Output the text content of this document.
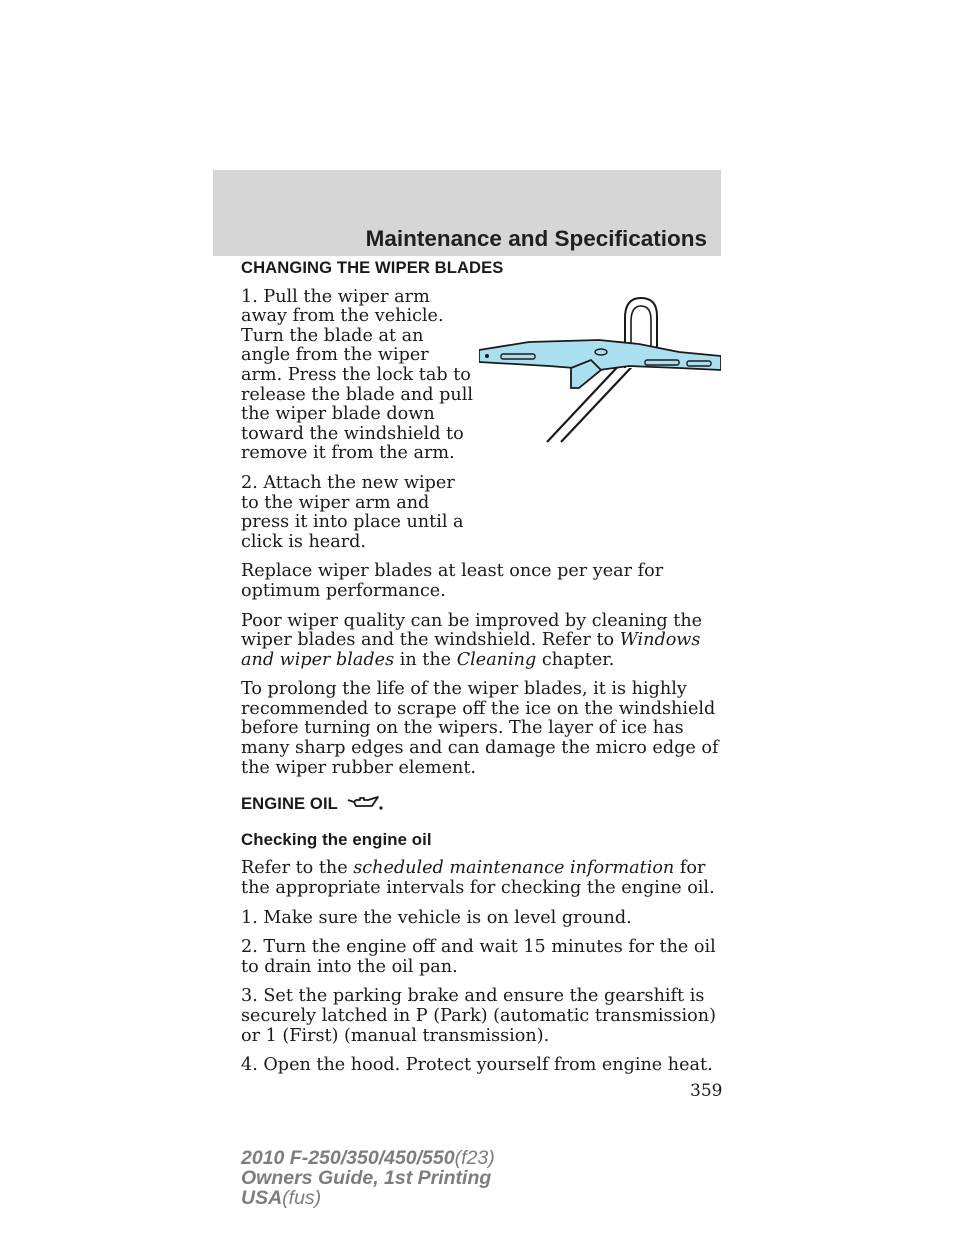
Maintenance and Specifications
CHANGING THE WIPER BLADES

1. Pull the wiper arm away from the vehicle. Turn the blade at an angle from the wiper arm. Press the lock tab to release the blade and pull the wiper blade down toward the windshield to remove it from the arm.

2. Attach the new wiper to the wiper arm and press it into place until a click is heard.

Replace wiper blades at least once per year for optimum performance.

Poor wiper quality can be improved by cleaning the wiper blades and the windshield. Refer to Windows and wiper blades in the Cleaning chapter.

To prolong the life of the wiper blades, it is highly recommended to scrape off the ice on the windshield before turning on the wipers. The layer of ice has many sharp edges and can damage the micro edge of the wiper rubber element.

ENGINE OIL
Checking the engine oil

Refer to the scheduled maintenance information for the appropriate intervals for checking the engine oil.

1. Make sure the vehicle is on level ground.

2. Turn the engine off and wait 15 minutes for the oil to drain into the oil pan.

3. Set the parking brake and ensure the gearshift is securely latched in P (Park) (automatic transmission) or 1 (First) (manual transmission).

4. Open the hood. Protect yourself from engine heat.

359
2010 F-250/350/450/550(f23)
Owners Guide, 1st Printing
USA(fus)
